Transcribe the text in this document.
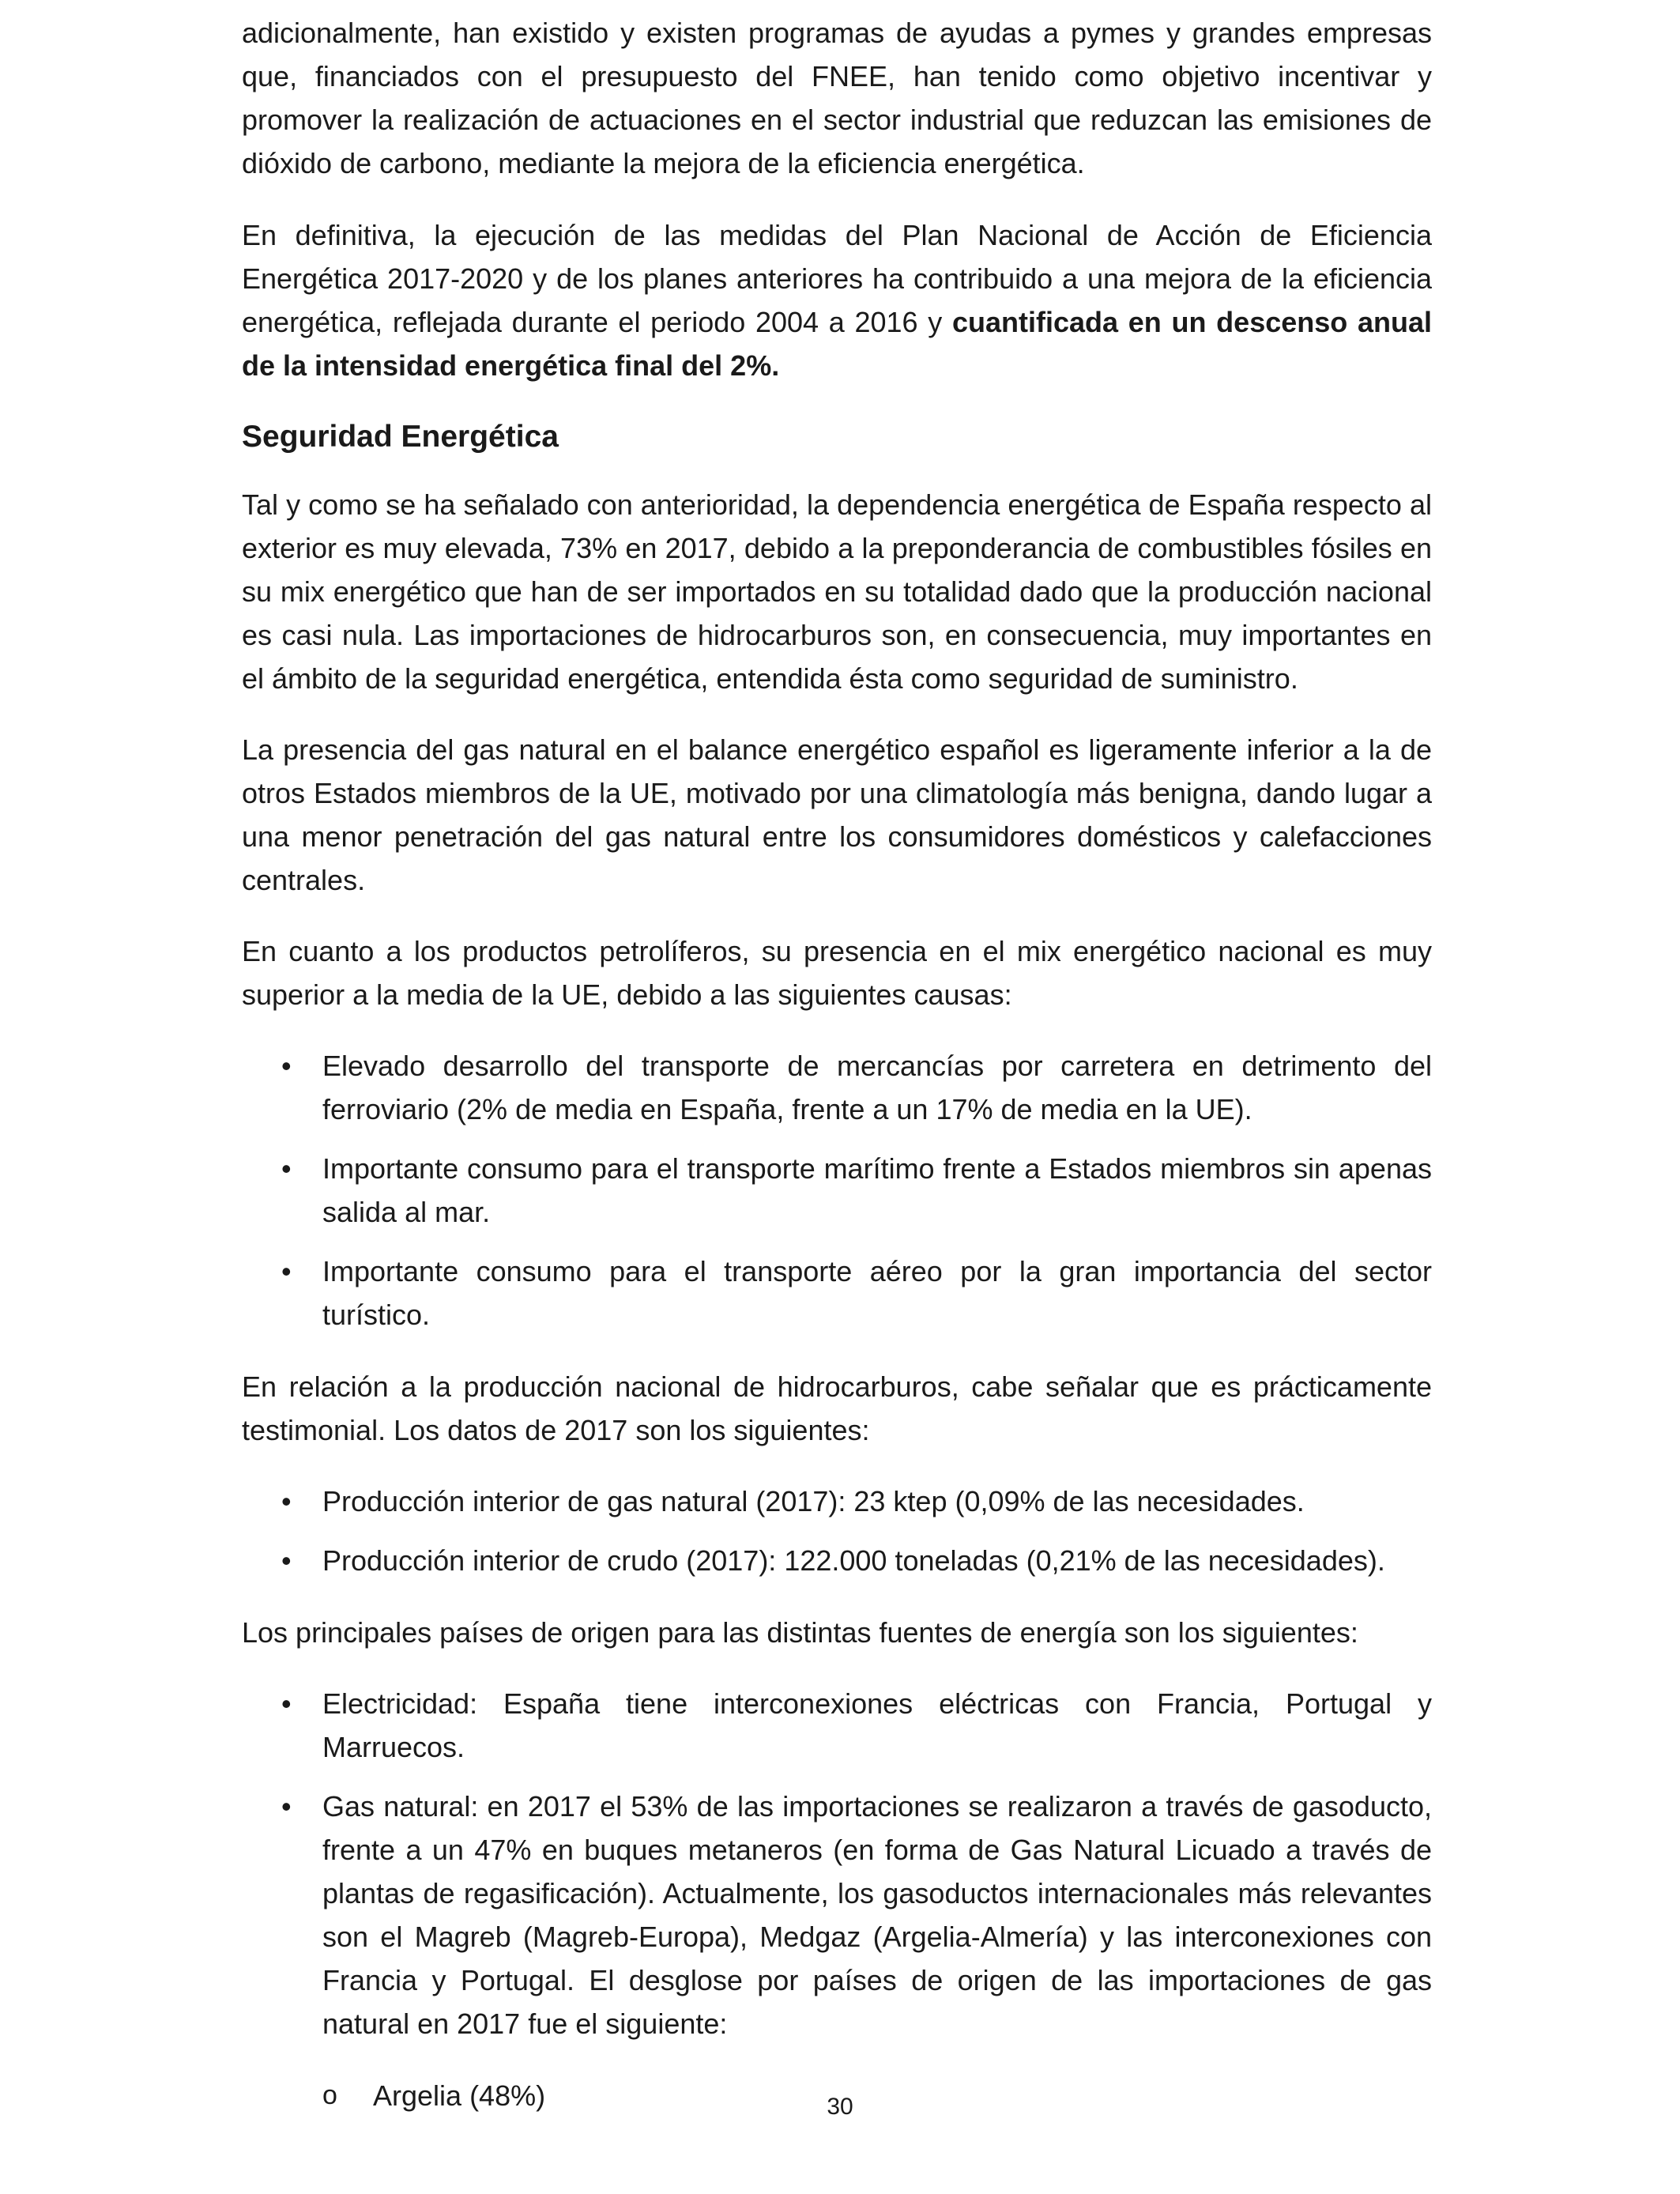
adicionalmente, han existido y existen programas de ayudas a pymes y grandes empresas que, financiados con el presupuesto del FNEE, han tenido como objetivo incentivar y promover la realización de actuaciones en el sector industrial que reduzcan las emisiones de dióxido de carbono, mediante la mejora de la eficiencia energética.

En definitiva, la ejecución de las medidas del Plan Nacional de Acción de Eficiencia Energética 2017-2020 y de los planes anteriores ha contribuido a una mejora de la eficiencia energética, reflejada durante el periodo 2004 a 2016 y cuantificada en un descenso anual de la intensidad energética final del 2%.

Seguridad Energética

Tal y como se ha señalado con anterioridad, la dependencia energética de España respecto al exterior es muy elevada, 73% en 2017, debido a la preponderancia de combustibles fósiles en su mix energético que han de ser importados en su totalidad dado que la producción nacional es casi nula. Las importaciones de hidrocarburos son, en consecuencia, muy importantes en el ámbito de la seguridad energética, entendida ésta como seguridad de suministro.

La presencia del gas natural en el balance energético español es ligeramente inferior a la de otros Estados miembros de la UE, motivado por una climatología más benigna, dando lugar a una menor penetración del gas natural entre los consumidores domésticos y calefacciones centrales.

En cuanto a los productos petrolíferos, su presencia en el mix energético nacional es muy superior a la media de la UE, debido a las siguientes causas:

• Elevado desarrollo del transporte de mercancías por carretera en detrimento del ferroviario (2% de media en España, frente a un 17% de media en la UE).
• Importante consumo para el transporte marítimo frente a Estados miembros sin apenas salida al mar.
• Importante consumo para el transporte aéreo por la gran importancia del sector turístico.

En relación a la producción nacional de hidrocarburos, cabe señalar que es prácticamente testimonial. Los datos de 2017 son los siguientes:

• Producción interior de gas natural (2017): 23 ktep (0,09% de las necesidades.
• Producción interior de crudo (2017): 122.000 toneladas (0,21% de las necesidades).

Los principales países de origen para las distintas fuentes de energía son los siguientes:

• Electricidad: España tiene interconexiones eléctricas con Francia, Portugal y Marruecos.
• Gas natural: en 2017 el 53% de las importaciones se realizaron a través de gasoducto, frente a un 47% en buques metaneros (en forma de Gas Natural Licuado a través de plantas de regasificación). Actualmente, los gasoductos internacionales más relevantes son el Magreb (Magreb-Europa), Medgaz (Argelia-Almería) y las interconexiones con Francia y Portugal. El desglose por países de origen de las importaciones de gas natural en 2017 fue el siguiente:
o Argelia (48%)	30
